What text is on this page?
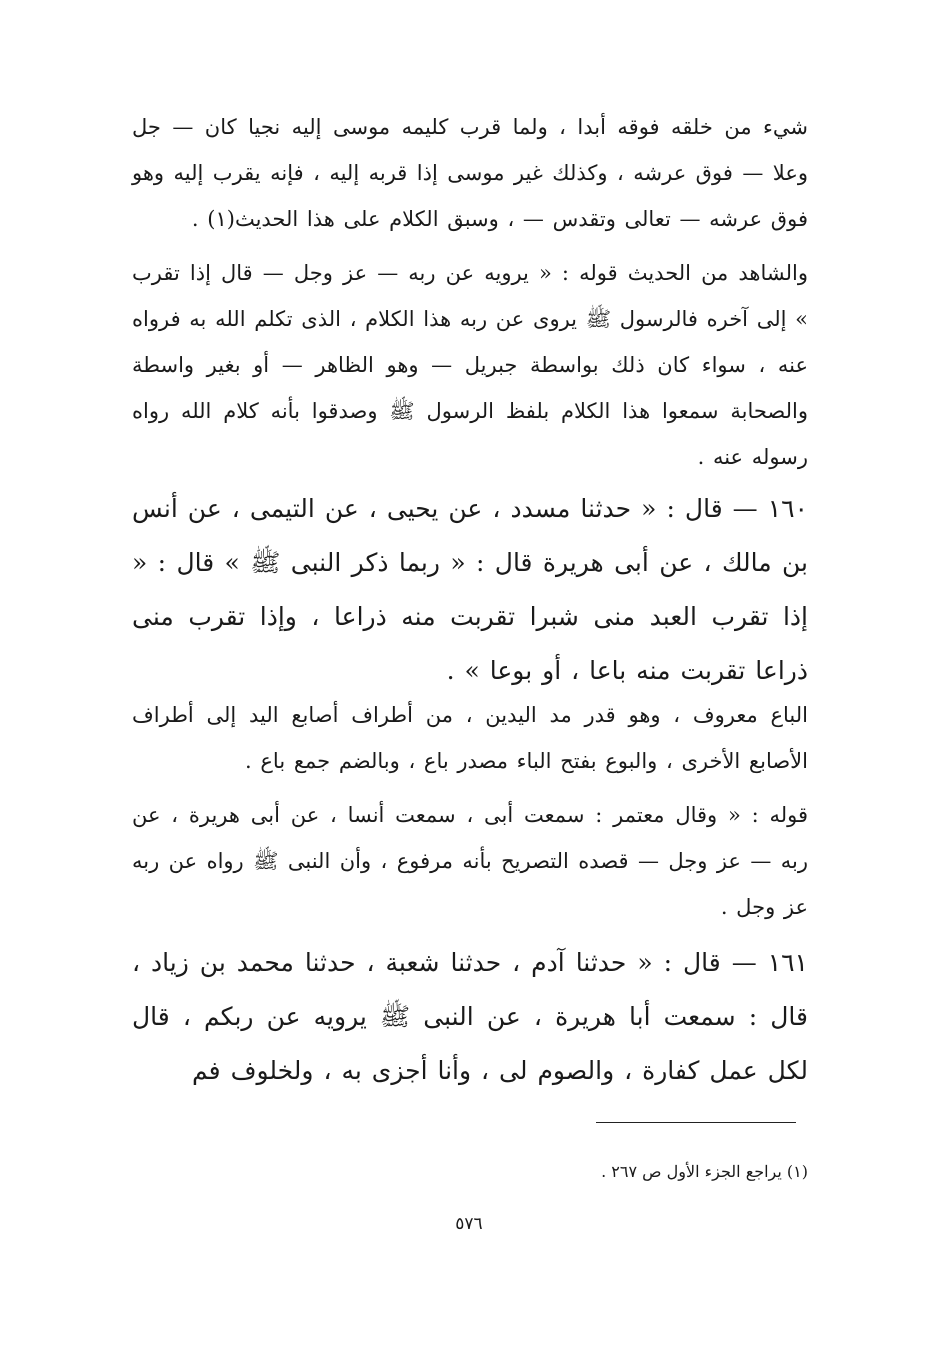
شيء من خلقه فوقه أبدا ، ولما قرب كليمه موسى إليه نجيا كان — جل وعلا — فوق عرشه ، وكذلك غير موسى إذا قربه إليه ، فإنه يقرب إليه وهو فوق عرشه — تعالى وتقدس — ، وسبق الكلام على هذا الحديث(١) .

والشاهد من الحديث قوله : « يرويه عن ربه — عز وجل — قال إذا تقرب » إلى آخره فالرسول ﷺ يروى عن ربه هذا الكلام ، الذى تكلم الله به فرواه عنه ، سواء كان ذلك بواسطة جبريل — وهو الظاهر — أو بغير واسطة والصحابة سمعوا هذا الكلام بلفظ الرسول ﷺ وصدقوا بأنه كلام الله رواه رسوله عنه .

١٦٠ — قال : « حدثنا مسدد ، عن يحيى ، عن التيمى ، عن أنس بن مالك ، عن أبى هريرة قال : « ربما ذكر النبى ﷺ » قال : « إذا تقرب العبد منى شبرا تقربت منه ذراعا ، وإذا تقرب منى ذراعا تقربت منه باعا ، أو بوعا » .

الباع معروف ، وهو قدر مد اليدين ، من أطراف أصابع اليد إلى أطراف الأصابع الأخرى ، والبوع بفتح الباء مصدر باع ، وبالضم جمع باع .

قوله : « وقال معتمر : سمعت أبى ، سمعت أنسا ، عن أبى هريرة ، عن ربه — عز وجل — قصده التصريح بأنه مرفوع ، وأن النبى ﷺ رواه عن ربه عز وجل .

١٦١ — قال : « حدثنا آدم ، حدثنا شعبة ، حدثنا محمد بن زياد ، قال : سمعت أبا هريرة ، عن النبى ﷺ يرويه عن ربكم ، قال لكل عمل كفارة ، والصوم لى ، وأنا أجزى به ، ولخلوف فم

(١) يراجع الجزء الأول ص ٢٦٧ .

٥٧٦
